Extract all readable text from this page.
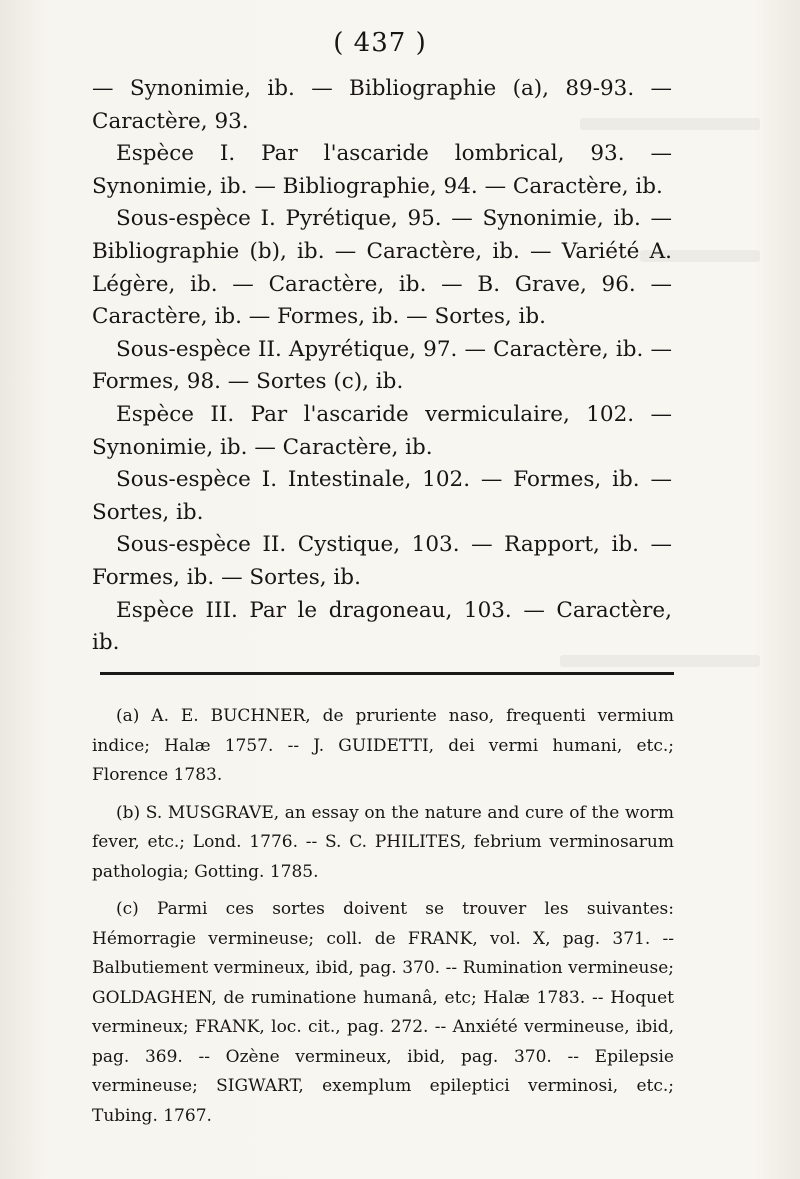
( 437 )

— Synonimie, ib. — Bibliographie (a), 89-93. — Caractère, 93.

Espèce I. Par l'ascaride lombrical, 93. — Synonimie, ib. — Bibliographie, 94. — Caractère, ib.

Sous-espèce I. Pyrétique, 95. — Synonimie, ib. — Bibliographie (b), ib. — Caractère, ib. — Variété A. Légère, ib. — Caractère, ib. — B. Grave, 96. — Caractère, ib. — Formes, ib. — Sortes, ib.

Sous-espèce II. Apyrétique, 97. — Caractère, ib. — Formes, 98. — Sortes (c), ib.

Espèce II. Par l'ascaride vermiculaire, 102. — Synonimie, ib. — Caractère, ib.

Sous-espèce I. Intestinale, 102. — Formes, ib. — Sortes, ib.

Sous-espèce II. Cystique, 103. — Rapport, ib. — Formes, ib. — Sortes, ib.

Espèce III. Par le dragoneau, 103. — Caractère, ib.

(a) A. E. BUCHNER, de pruriente naso, frequenti vermium indice; Halæ 1757. -- J. GUIDETTI, dei vermi humani, etc.; Florence 1783.

(b) S. MUSGRAVE, an essay on the nature and cure of the worm fever, etc.; Lond. 1776. -- S. C. PHILITES, febrium verminosarum pathologia; Gotting. 1785.

(c) Parmi ces sortes doivent se trouver les suivantes: Hémorragie vermineuse; coll. de FRANK, vol. X, pag. 371. -- Balbutiement vermineux, ibid, pag. 370. -- Rumination vermineuse; GOLDAGHEN, de ruminatione humanâ, etc; Halæ 1783. -- Hoquet vermineux; FRANK, loc. cit., pag. 272. -- Anxiété vermineuse, ibid, pag. 369. -- Ozène vermineux, ibid, pag. 370. -- Epilepsie vermineuse; SIGWART, exemplum epileptici verminosi, etc.; Tubing. 1767.
